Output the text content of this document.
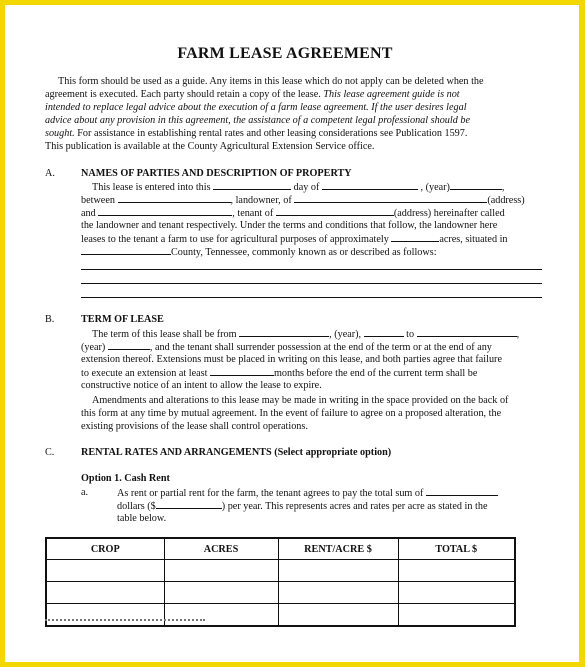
FARM LEASE AGREEMENT
This form should be used as a guide. Any items in this lease which do not apply can be deleted when the
agreement is executed. Each party should retain a copy of the lease. This lease agreement guide is not
intended to replace legal advice about the execution of a farm lease agreement. If the user desires legal
advice about any provision in this agreement, the assistance of a competent legal professional should be
sought. For assistance in establishing rental rates and other leasing considerations see Publication 1597.
This publication is available at the County Agricultural Extension Service office.
A.	NAMES OF PARTIES AND DESCRIPTION OF PROPERTY
This lease is entered into this	day of	, (year)	,
between	, landowner, of	(address)
and	, tenant of	(address) hereinafter called
the landowner and tenant respectively. Under the terms and conditions that follow, the landowner here
leases to the tenant a farm to use for agricultural purposes of approximately	acres, situated in
County, Tennessee, commonly known as or described as follows:
B.	TERM OF LEASE
The term of this lease shall be from	, (year),	to	,
(year)	, and the tenant shall surrender possession at the end of the term or at the end of any
extension thereof. Extensions must be placed in writing on this lease, and both parties agree that failure
to execute an extension at least	months before the end of the current term shall be
constructive notice of an intent to allow the lease to expire.
Amendments and alterations to this lease may be made in writing in the space provided on the back of
this form at any time by mutual agreement. In the event of failure to agree on a proposed alteration, the
existing provisions of the lease shall control operations.
C.	RENTAL RATES AND ARRANGEMENTS (Select appropriate option)
Option 1. Cash Rent
a.	As rent or partial rent for the farm, the tenant agrees to pay the total sum of
dollars ($	) per year. This represents acres and rates per acre as stated in the
table below.
CROP	ACRES	RENT/ACRE $	TOTAL $
